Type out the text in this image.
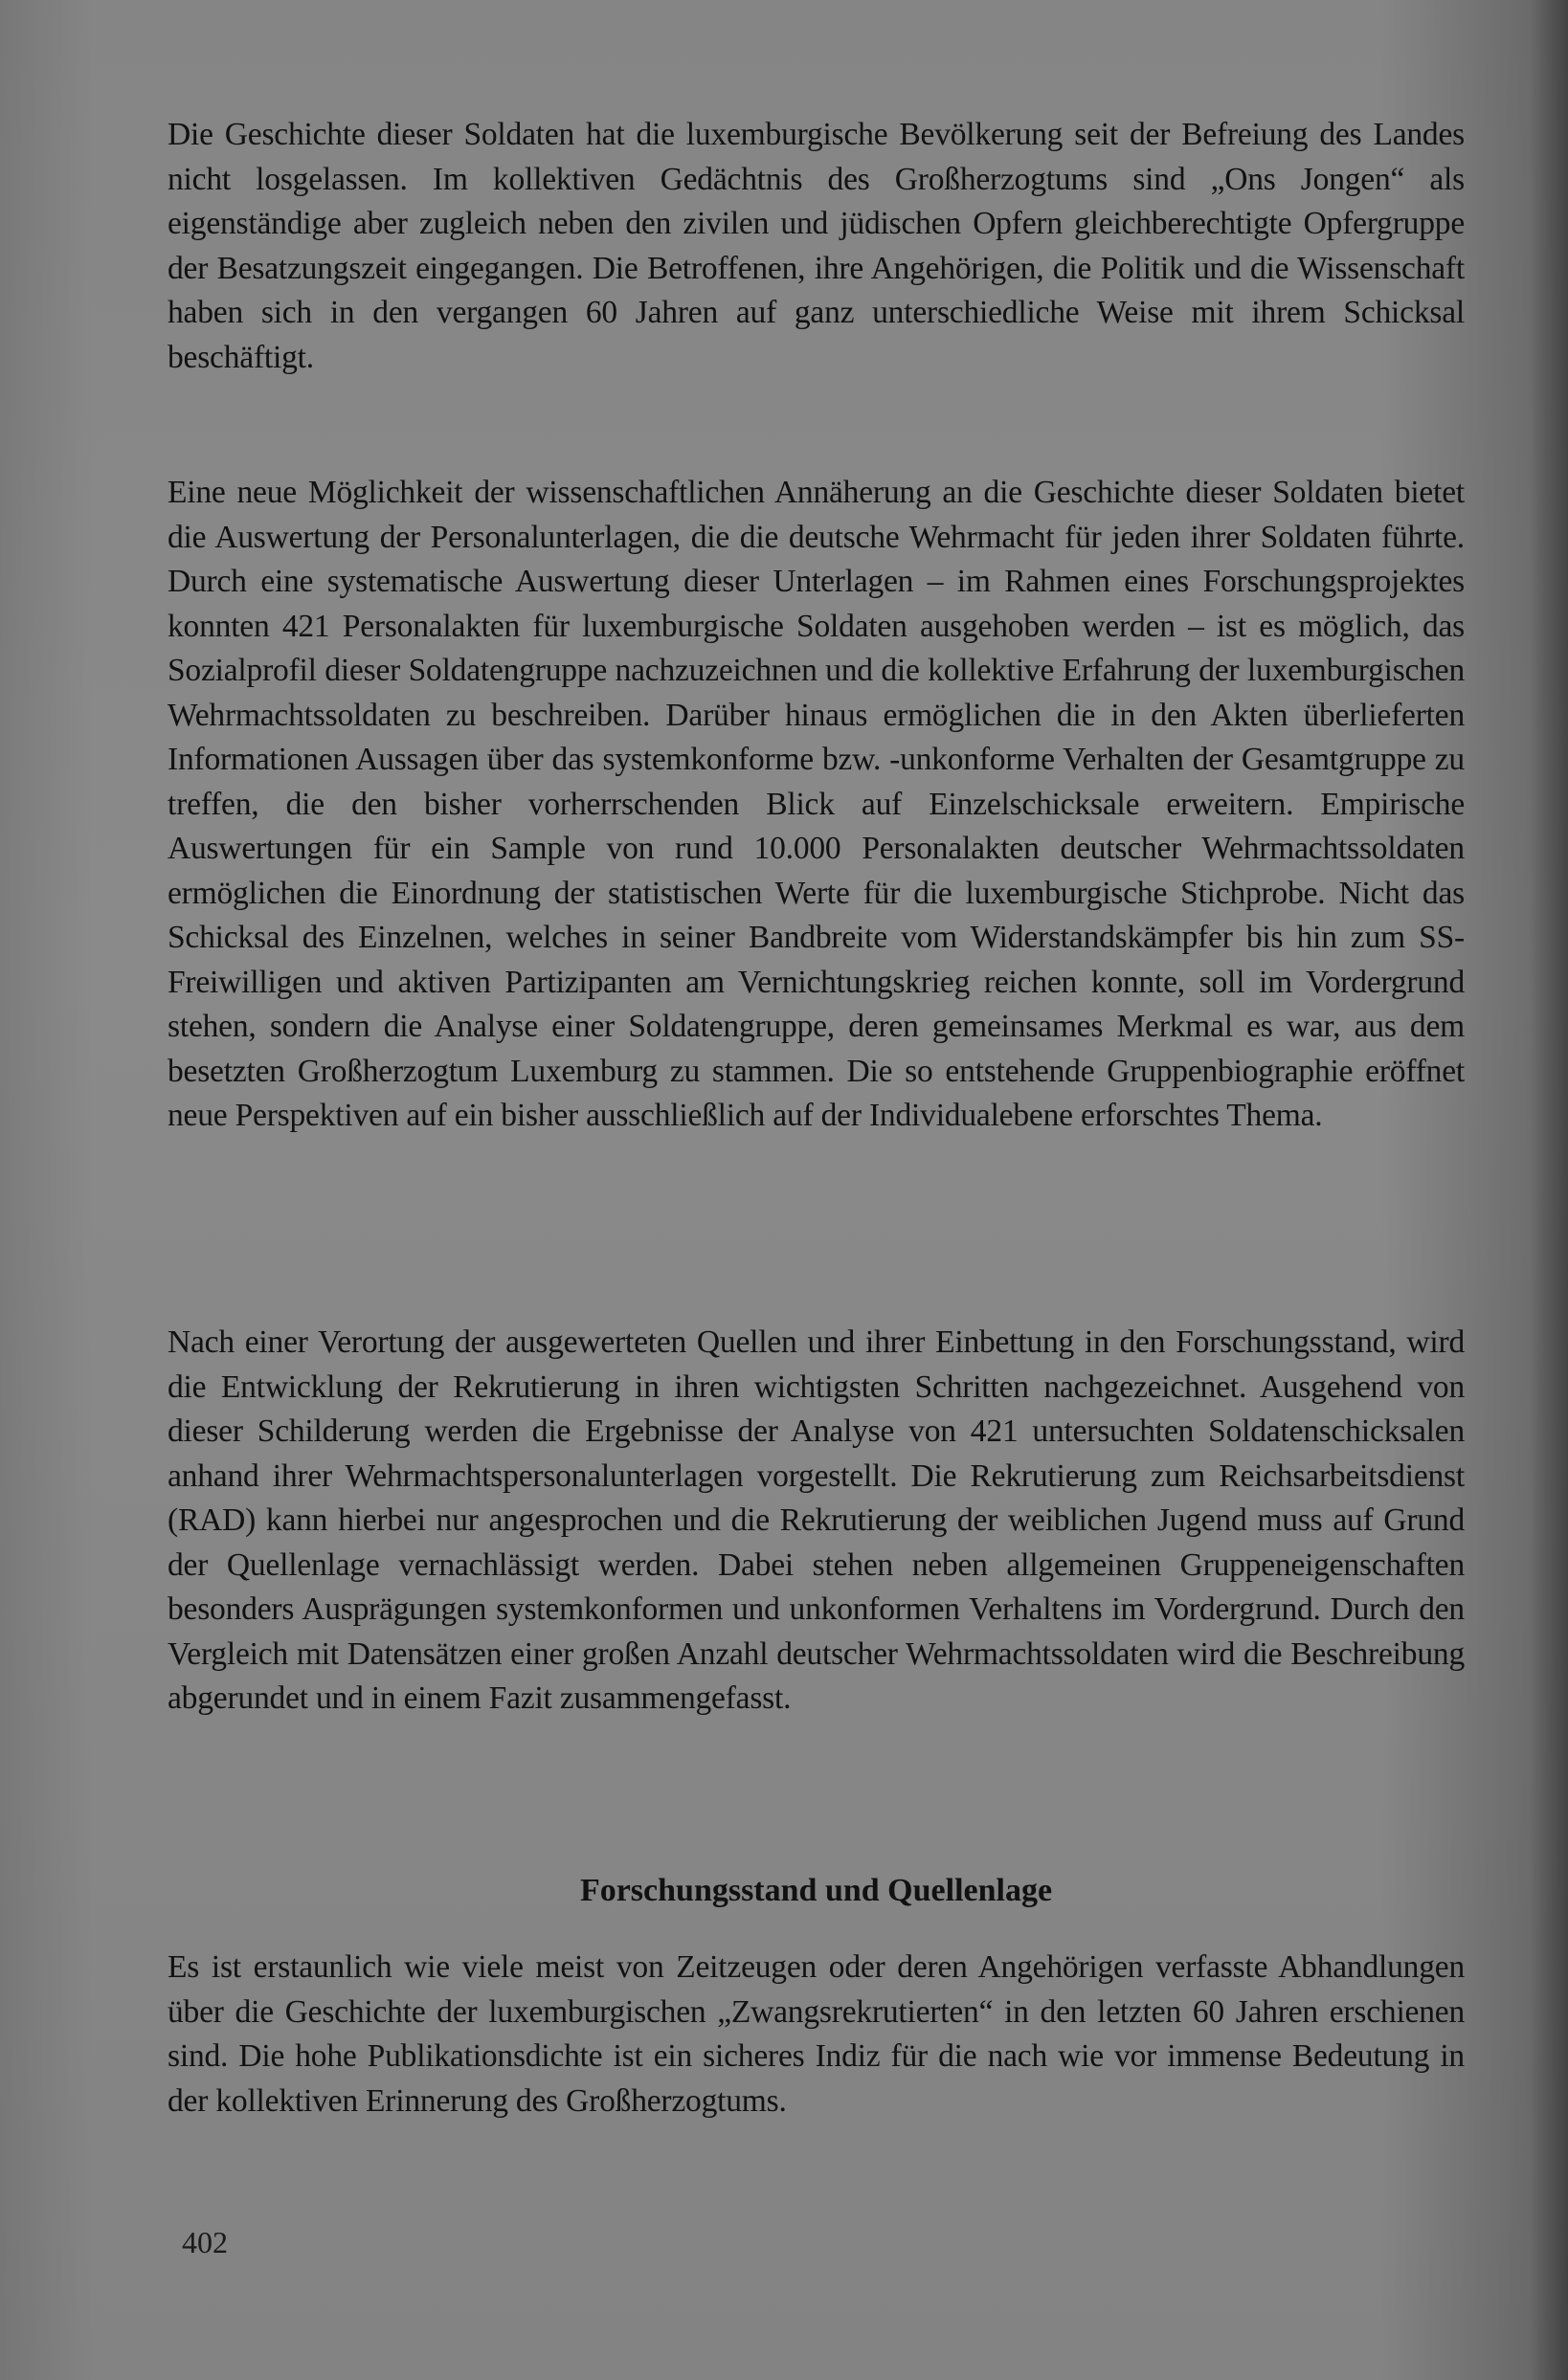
Die Geschichte dieser Soldaten hat die luxemburgische Bevölkerung seit der Befreiung des Landes nicht losgelassen. Im kollektiven Gedächtnis des Großherzogtums sind „Ons Jongen“ als eigenständige aber zugleich neben den zivilen und jüdischen Opfern gleichberechtigte Opfergruppe der Besatzungszeit eingegangen. Die Betroffenen, ihre Angehörigen, die Politik und die Wissenschaft haben sich in den vergangen 60 Jahren auf ganz unterschiedliche Weise mit ihrem Schicksal beschäftigt.

Eine neue Möglichkeit der wissenschaftlichen Annäherung an die Geschichte dieser Soldaten bietet die Auswertung der Personalunterlagen, die die deutsche Wehrmacht für jeden ihrer Soldaten führte. Durch eine systematische Auswertung dieser Unterlagen – im Rahmen eines Forschungsprojektes konnten 421 Personalakten für luxemburgische Soldaten ausgehoben werden – ist es möglich, das Sozialprofil dieser Soldatengruppe nachzuzeichnen und die kollektive Erfahrung der luxemburgischen Wehrmachtssoldaten zu beschreiben. Darüber hinaus ermöglichen die in den Akten überlieferten Informationen Aussagen über das systemkonforme bzw. -unkonforme Verhalten der Gesamtgruppe zu treffen, die den bisher vorherrschenden Blick auf Einzelschicksale erweitern. Empirische Auswertungen für ein Sample von rund 10.000 Personalakten deutscher Wehrmachtssoldaten ermöglichen die Einordnung der statistischen Werte für die luxemburgische Stichprobe. Nicht das Schicksal des Einzelnen, welches in seiner Bandbreite vom Widerstandskämpfer bis hin zum SS-Freiwilligen und aktiven Partizipanten am Vernichtungskrieg reichen konnte, soll im Vordergrund stehen, sondern die Analyse einer Soldatengruppe, deren gemeinsames Merkmal es war, aus dem besetzten Großherzogtum Luxemburg zu stammen. Die so entstehende Gruppenbiographie eröffnet neue Perspektiven auf ein bisher ausschließlich auf der Individualebene erforschtes Thema.

Nach einer Verortung der ausgewerteten Quellen und ihrer Einbettung in den Forschungsstand, wird die Entwicklung der Rekrutierung in ihren wichtigsten Schritten nachgezeichnet. Ausgehend von dieser Schilderung werden die Ergebnisse der Analyse von 421 untersuchten Soldatenschicksalen anhand ihrer Wehrmachtspersonalunterlagen vorgestellt. Die Rekrutierung zum Reichsarbeitsdienst (RAD) kann hierbei nur angesprochen und die Rekrutierung der weiblichen Jugend muss auf Grund der Quellenlage vernachlässigt werden. Dabei stehen neben allgemeinen Gruppeneigenschaften besonders Ausprägungen systemkonformen und unkonformen Verhaltens im Vordergrund. Durch den Vergleich mit Datensätzen einer großen Anzahl deutscher Wehrmachtssoldaten wird die Beschreibung abgerundet und in einem Fazit zusammengefasst.

Forschungsstand und Quellenlage

Es ist erstaunlich wie viele meist von Zeitzeugen oder deren Angehörigen verfasste Abhandlungen über die Geschichte der luxemburgischen „Zwangsrekrutierten“ in den letzten 60 Jahren erschienen sind. Die hohe Publikationsdichte ist ein sicheres Indiz für die nach wie vor immense Bedeutung in der kollektiven Erinnerung des Großherzogtums.

402
